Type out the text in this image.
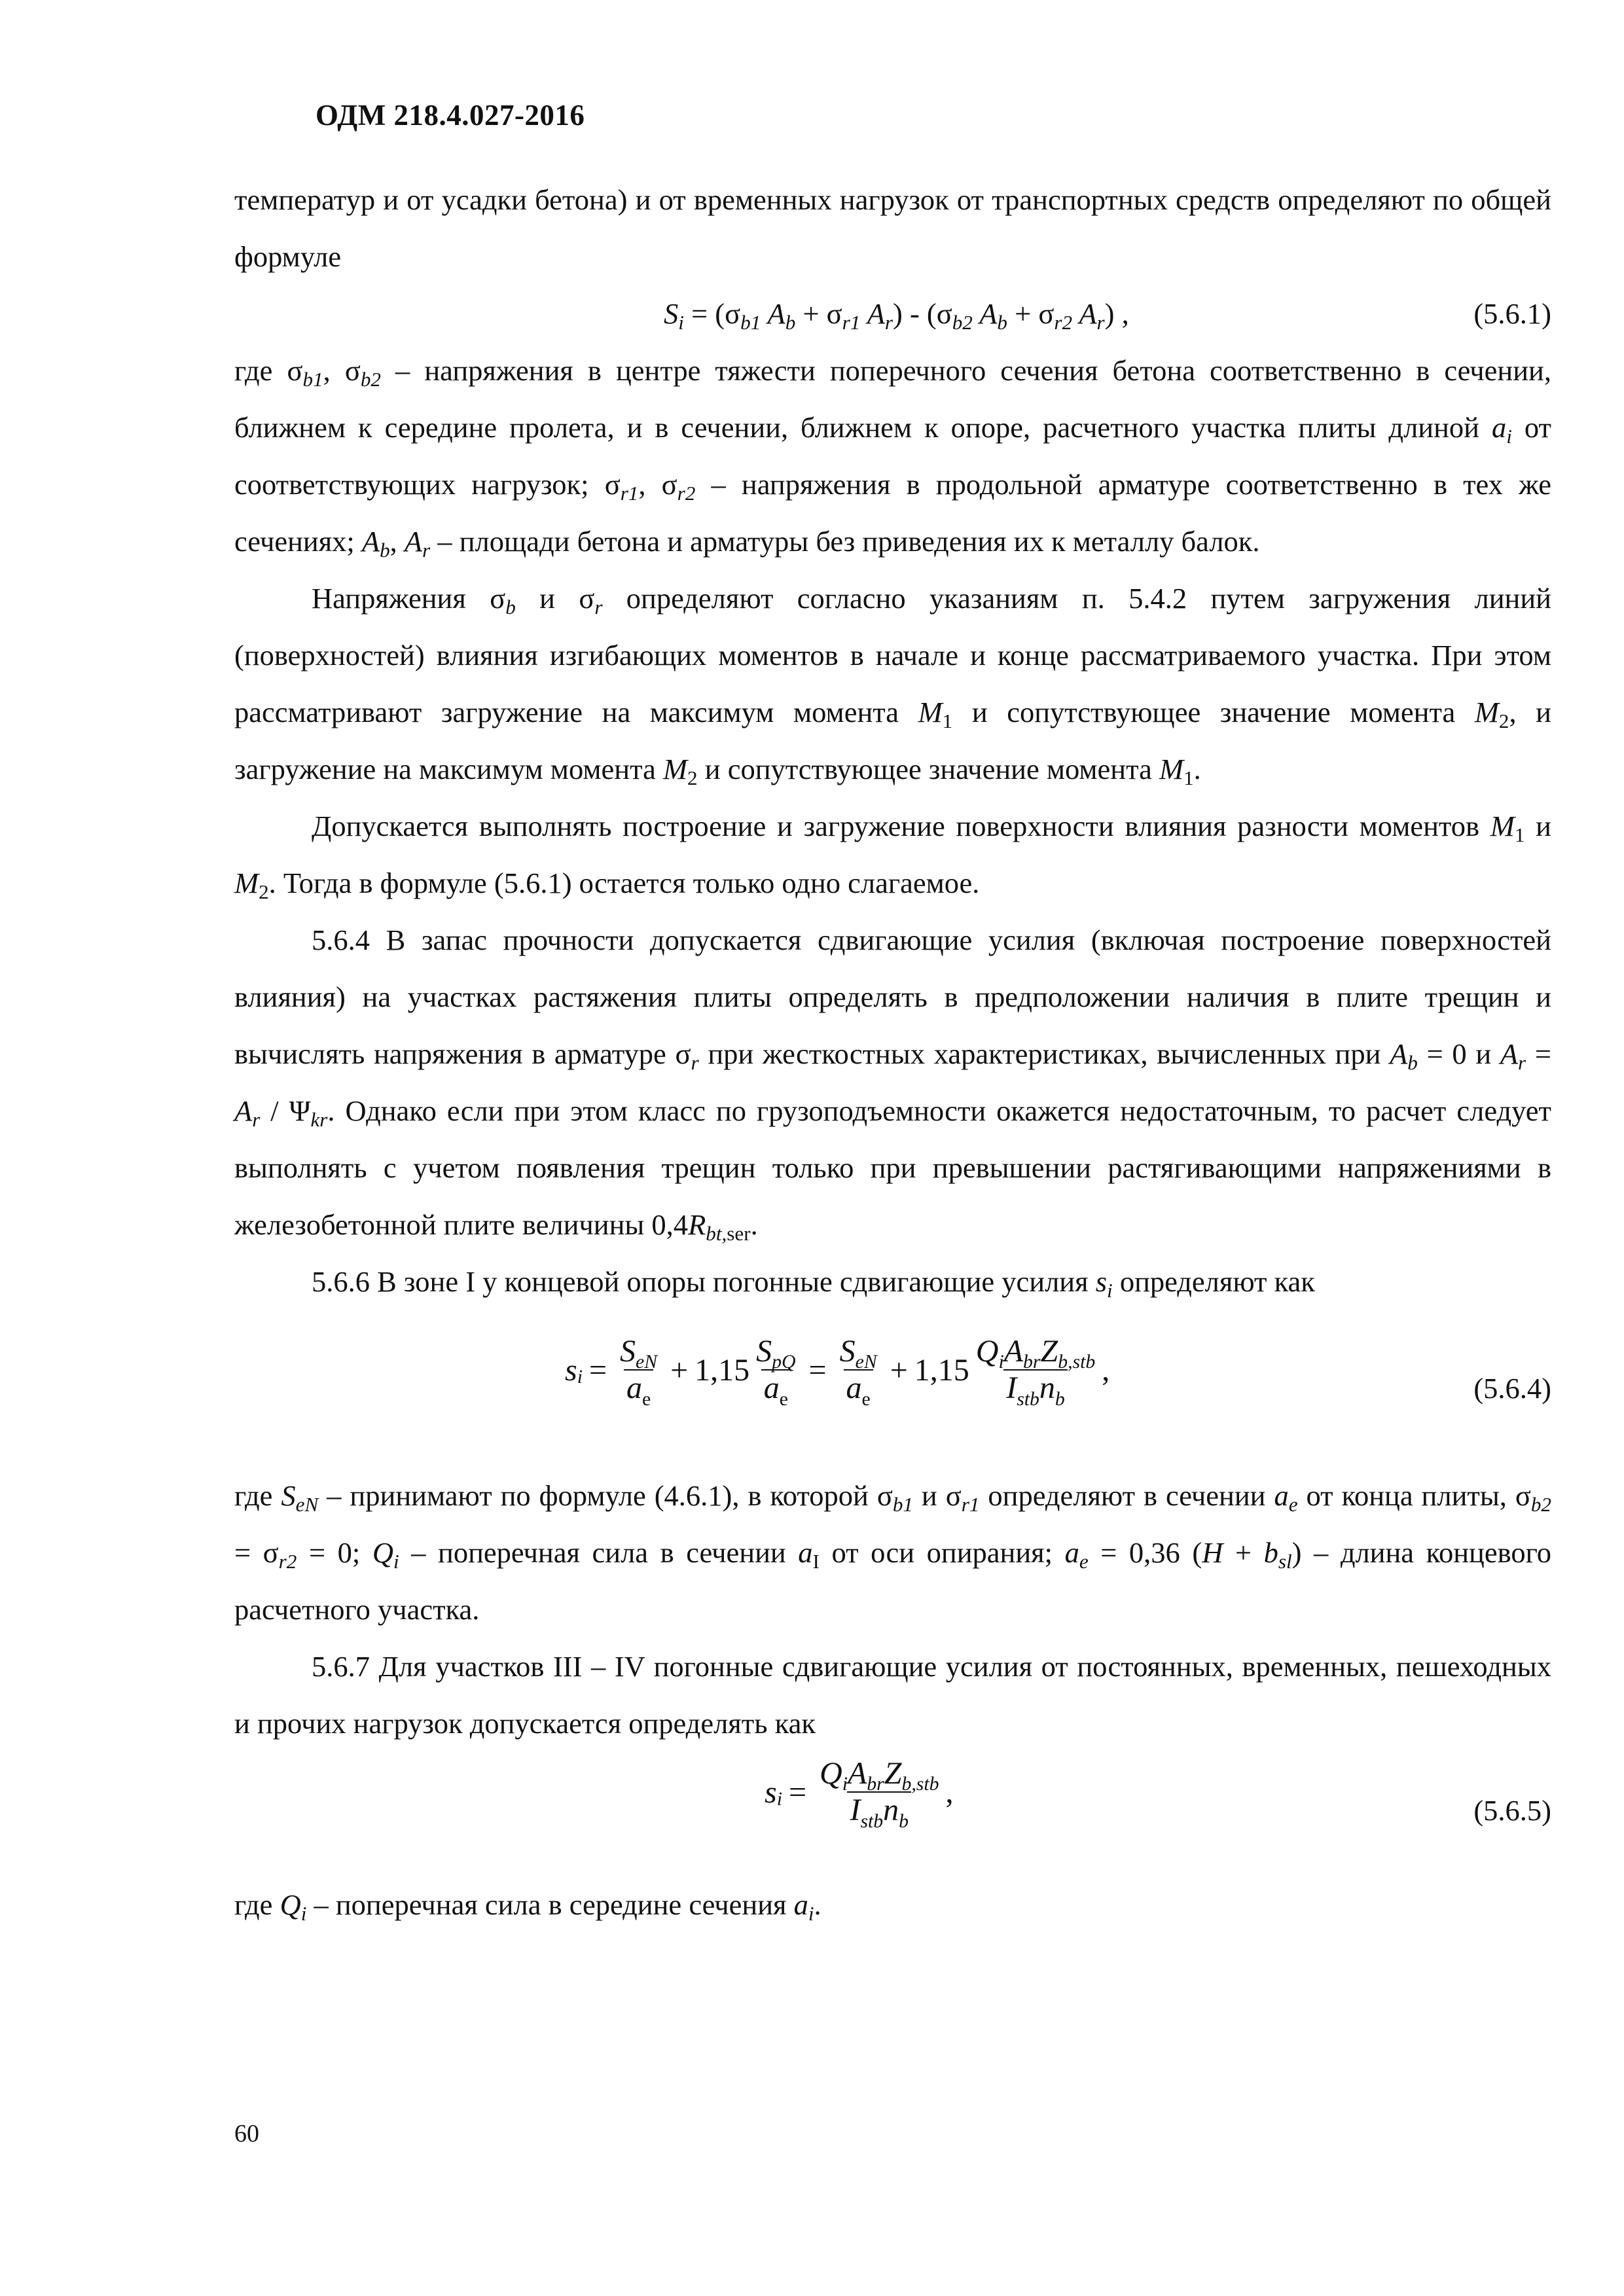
ОДМ 218.4.027-2016

температур и от усадки бетона) и от временных нагрузок от транспортных средств определяют по общей формуле

$S_i = (\sigma_{b1}$ $A_b + \sigma_{r1}$ $A_r) - (\sigma_{b2}$ $A_b + \sigma_{r2}$ $A_r$) ,	(5.6.1)

где $\sigma_{b1}$, $\sigma_{b2}$ – напряжения в центре тяжести поперечного сечения бетона соответственно в сечении, ближнем к середине пролета, и в сечении, ближнем к опоре, расчетного участка плиты длиной $a_i$ от соответствующих нагрузок; $\sigma_{r1}$, $\sigma_{r2}$ – напряжения в продольной арматуре соответственно в тех же сечениях; $A_b$, $A_r$ – площади бетона и арматуры без приведения их к металлу балок.

Напряжения $\sigma_b$ и $\sigma_r$ определяют согласно указаниям п. 5.4.2 путем загружения линий (поверхностей) влияния изгибающих моментов в начале и конце рассматриваемого участка. При этом рассматривают загружение на максимум момента $M_1$ и сопутствующее значение момента $M_2$, и загружение на максимум момента $M_2$ и сопутствующее значение момента $M_1$.

Допускается выполнять построение и загружение поверхности влияния разности моментов $M_1$ и $M_2$. Тогда в формуле (5.6.1) остается только одно слагаемое.

5.6.4 В запас прочности допускается сдвигающие усилия (включая построение поверхностей влияния) на участках растяжения плиты определять в предположении наличия в плите трещин и вычислять напряжения в арматуре $\sigma_r$ при жесткостных характеристиках, вычисленных при $A_b = 0$ и $A_r = A_r / \Psi_{kr}$. Однако если при этом класс по грузоподъемности окажется недостаточным, то расчет следует выполнять с учетом появления трещин только при превышении растягивающими напряжениями в железобетонной плите величины $0,4R_{bt,ser}$.

5.6.6 В зоне I у концевой опоры погонные сдвигающие усилия $s_i$ определяют как

s $i = \frac{S_{eN}}{a_e} + 1,15 \frac{S_{pQ}}{a_e} = \frac{S_{eN}}{a_e} + 1,15 \frac{Q_iA_{br}Z_{b,stb}}{I_{stb}n_b}$ ,
(5.6.4)

где $S_{eN}$ – принимают по формуле (4.6.1), в которой $\sigma_{b1}$ и $\sigma_{r1}$ определяют в сечении $a_e$ от конца плиты, $\sigma_{b2} = \sigma_{r2} = 0$; $Q_i$ – поперечная сила в сечении $a_I$ от оси опирания; $a_e = 0,36$ $(H + b_{sl})$ – длина концевого расчетного участка.

5.6.7 Для участков III – IV погонные сдвигающие усилия от постоянных, временных, пешеходных и прочих нагрузок допускается определять как

s $i = \frac{Q_iA_{br}Z_{b,stb}}{I_{stb}n_b}$ ,
(5.6.5)

где $Q_i$ – поперечная сила в середине сечения $a_i$.

60
